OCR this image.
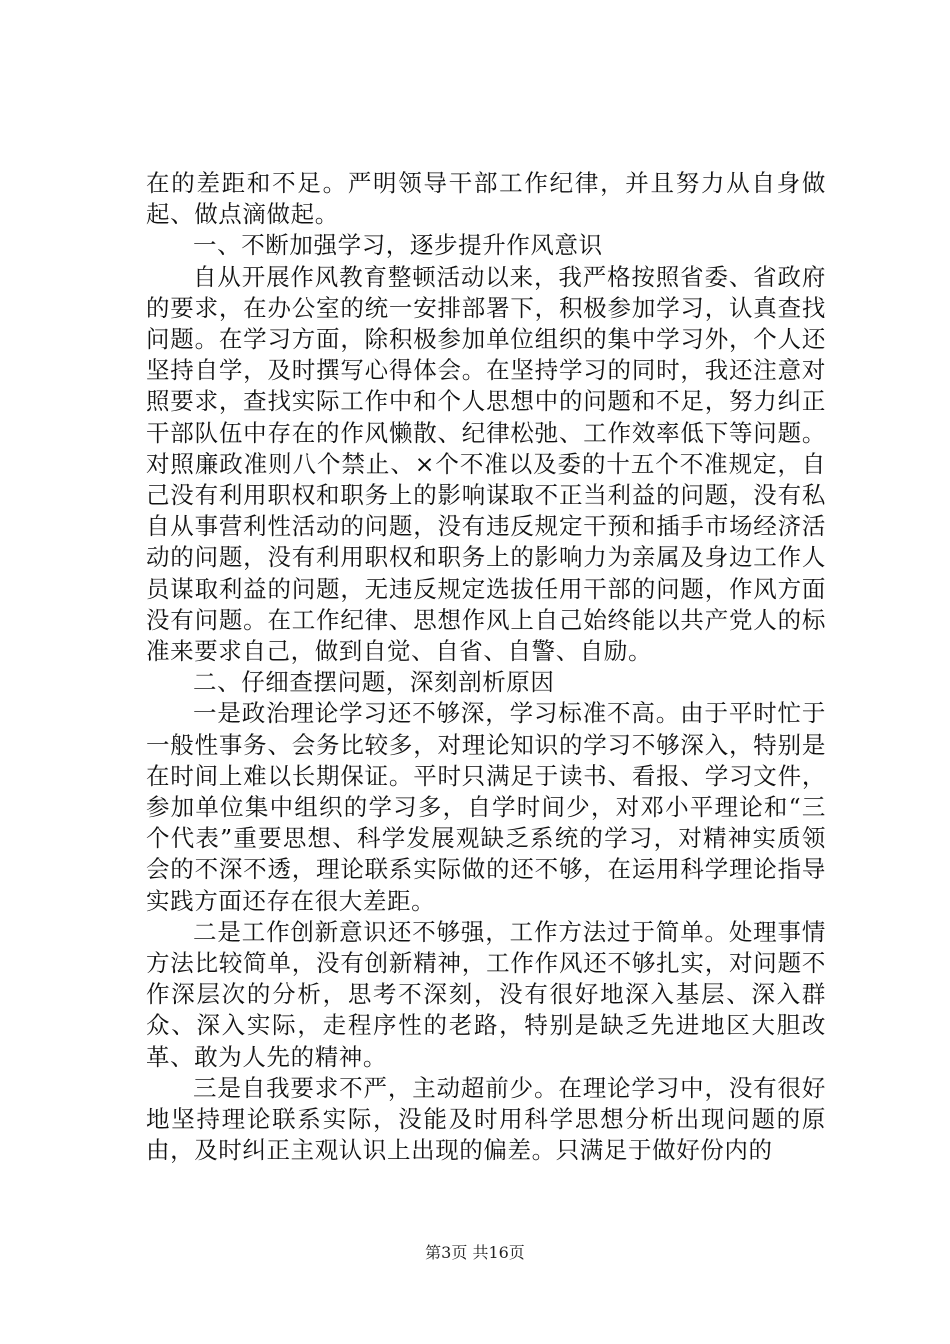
在的差距和不足。严明领导干部工作纪律，并且努力从自身做起、做点滴做起。

一、不断加强学习，逐步提升作风意识

自从开展作风教育整顿活动以来，我严格按照省委、省政府的要求，在办公室的统一安排部署下，积极参加学习，认真查找问题。在学习方面，除积极参加单位组织的集中学习外，个人还坚持自学，及时撰写心得体会。在坚持学习的同时，我还注意对照要求，查找实际工作中和个人思想中的问题和不足，努力纠正干部队伍中存在的作风懒散、纪律松弛、工作效率低下等问题。对照廉政准则八个禁止、×个不准以及委的十五个不准规定，自己没有利用职权和职务上的影响谋取不正当利益的问题，没有私自从事营利性活动的问题，没有违反规定干预和插手市场经济活动的问题，没有利用职权和职务上的影响力为亲属及身边工作人员谋取利益的问题，无违反规定选拔任用干部的问题，作风方面没有问题。在工作纪律、思想作风上自己始终能以共产党人的标准来要求自己，做到自觉、自省、自警、自励。

二、仔细查摆问题，深刻剖析原因

一是政治理论学习还不够深，学习标准不高。由于平时忙于一般性事务、会务比较多，对理论知识的学习不够深入，特别是在时间上难以长期保证。平时只满足于读书、看报、学习文件，参加单位集中组织的学习多，自学时间少，对邓小平理论和“三个代表”重要思想、科学发展观缺乏系统的学习，对精神实质领会的不深不透，理论联系实际做的还不够，在运用科学理论指导实践方面还存在很大差距。

二是工作创新意识还不够强，工作方法过于简单。处理事情方法比较简单，没有创新精神，工作作风还不够扎实，对问题不作深层次的分析，思考不深刻，没有很好地深入基层、深入群众、深入实际，走程序性的老路，特别是缺乏先进地区大胆改革、敢为人先的精神。

三是自我要求不严，主动超前少。在理论学习中，没有很好地坚持理论联系实际，没能及时用科学思想分析出现问题的原由，及时纠正主观认识上出现的偏差。只满足于做好份内的

第3页 共16页
